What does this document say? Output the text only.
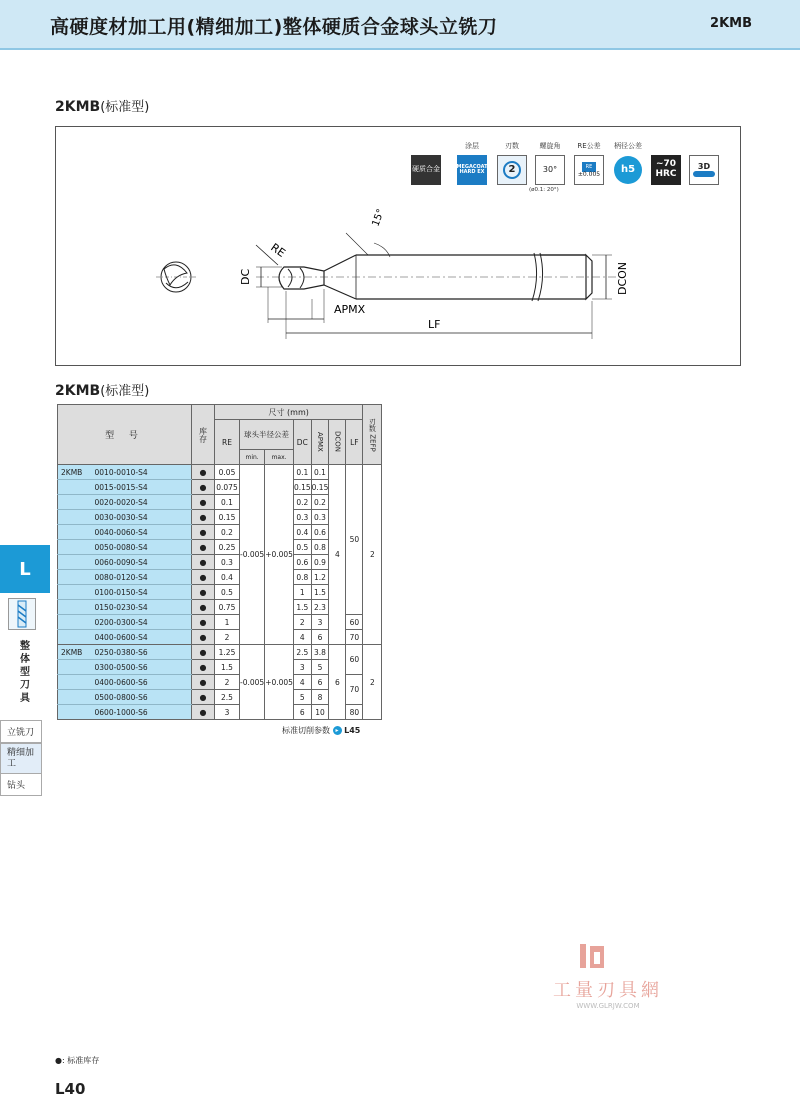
高硬度材加工用(精细加工)整体硬质合金球头立铣刀	2KMB
2KMB(标准型)
涂层	刃数	螺旋角	RE公差	柄径公差
硬质合金	MEGACOAT HARD EX	2	30°
(ø0.1: 20°)
RE
±0.005	h5	~70 HRC
3D
RE
15°
DC	DCON
APMX
LF
2KMB(标准型)
型 号		库存	尺寸 (mm)							刃数 ZEFP
			RE	球头半径公差		DC	APMX	DCON	LF	
				min.	max.					
2KMB	0010-0010-S4	●	0.05	-0.005	+0.005	0.1	0.1	4	50	2
	0015-0015-S4	●	0.075			0.15	0.15			
	0020-0020-S4	●	0.1			0.2	0.2			
	0030-0030-S4	●	0.15			0.3	0.3			
	0040-0060-S4	●	0.2			0.4	0.6			
	0050-0080-S4	●	0.25			0.5	0.8			
	0060-0090-S4	●	0.3			0.6	0.9			
	0080-0120-S4	●	0.4			0.8	1.2			
	0100-0150-S4	●	0.5			1	1.5			
	0150-0230-S4	●	0.75			1.5	2.3			
	0200-0300-S4	●	1			2	3		60	
	0400-0600-S4	●	2			4	6		70	
2KMB	0250-0380-S6	●	1.25	-0.005	+0.005	2.5	3.8	6	60	2
	0300-0500-S6	●	1.5			3	5			
	0400-0600-S6	●	2			4	6		70	
	0500-0800-S6	●	2.5			5	8			
	0600-1000-S6	●	3			6	10		80	
标准切削参数 ▸ L45
L
整体型刀具
立铣刀
精细加工
钻头
工量刃具網
WWW.GLRJW.COM
●: 标准库存
L40
